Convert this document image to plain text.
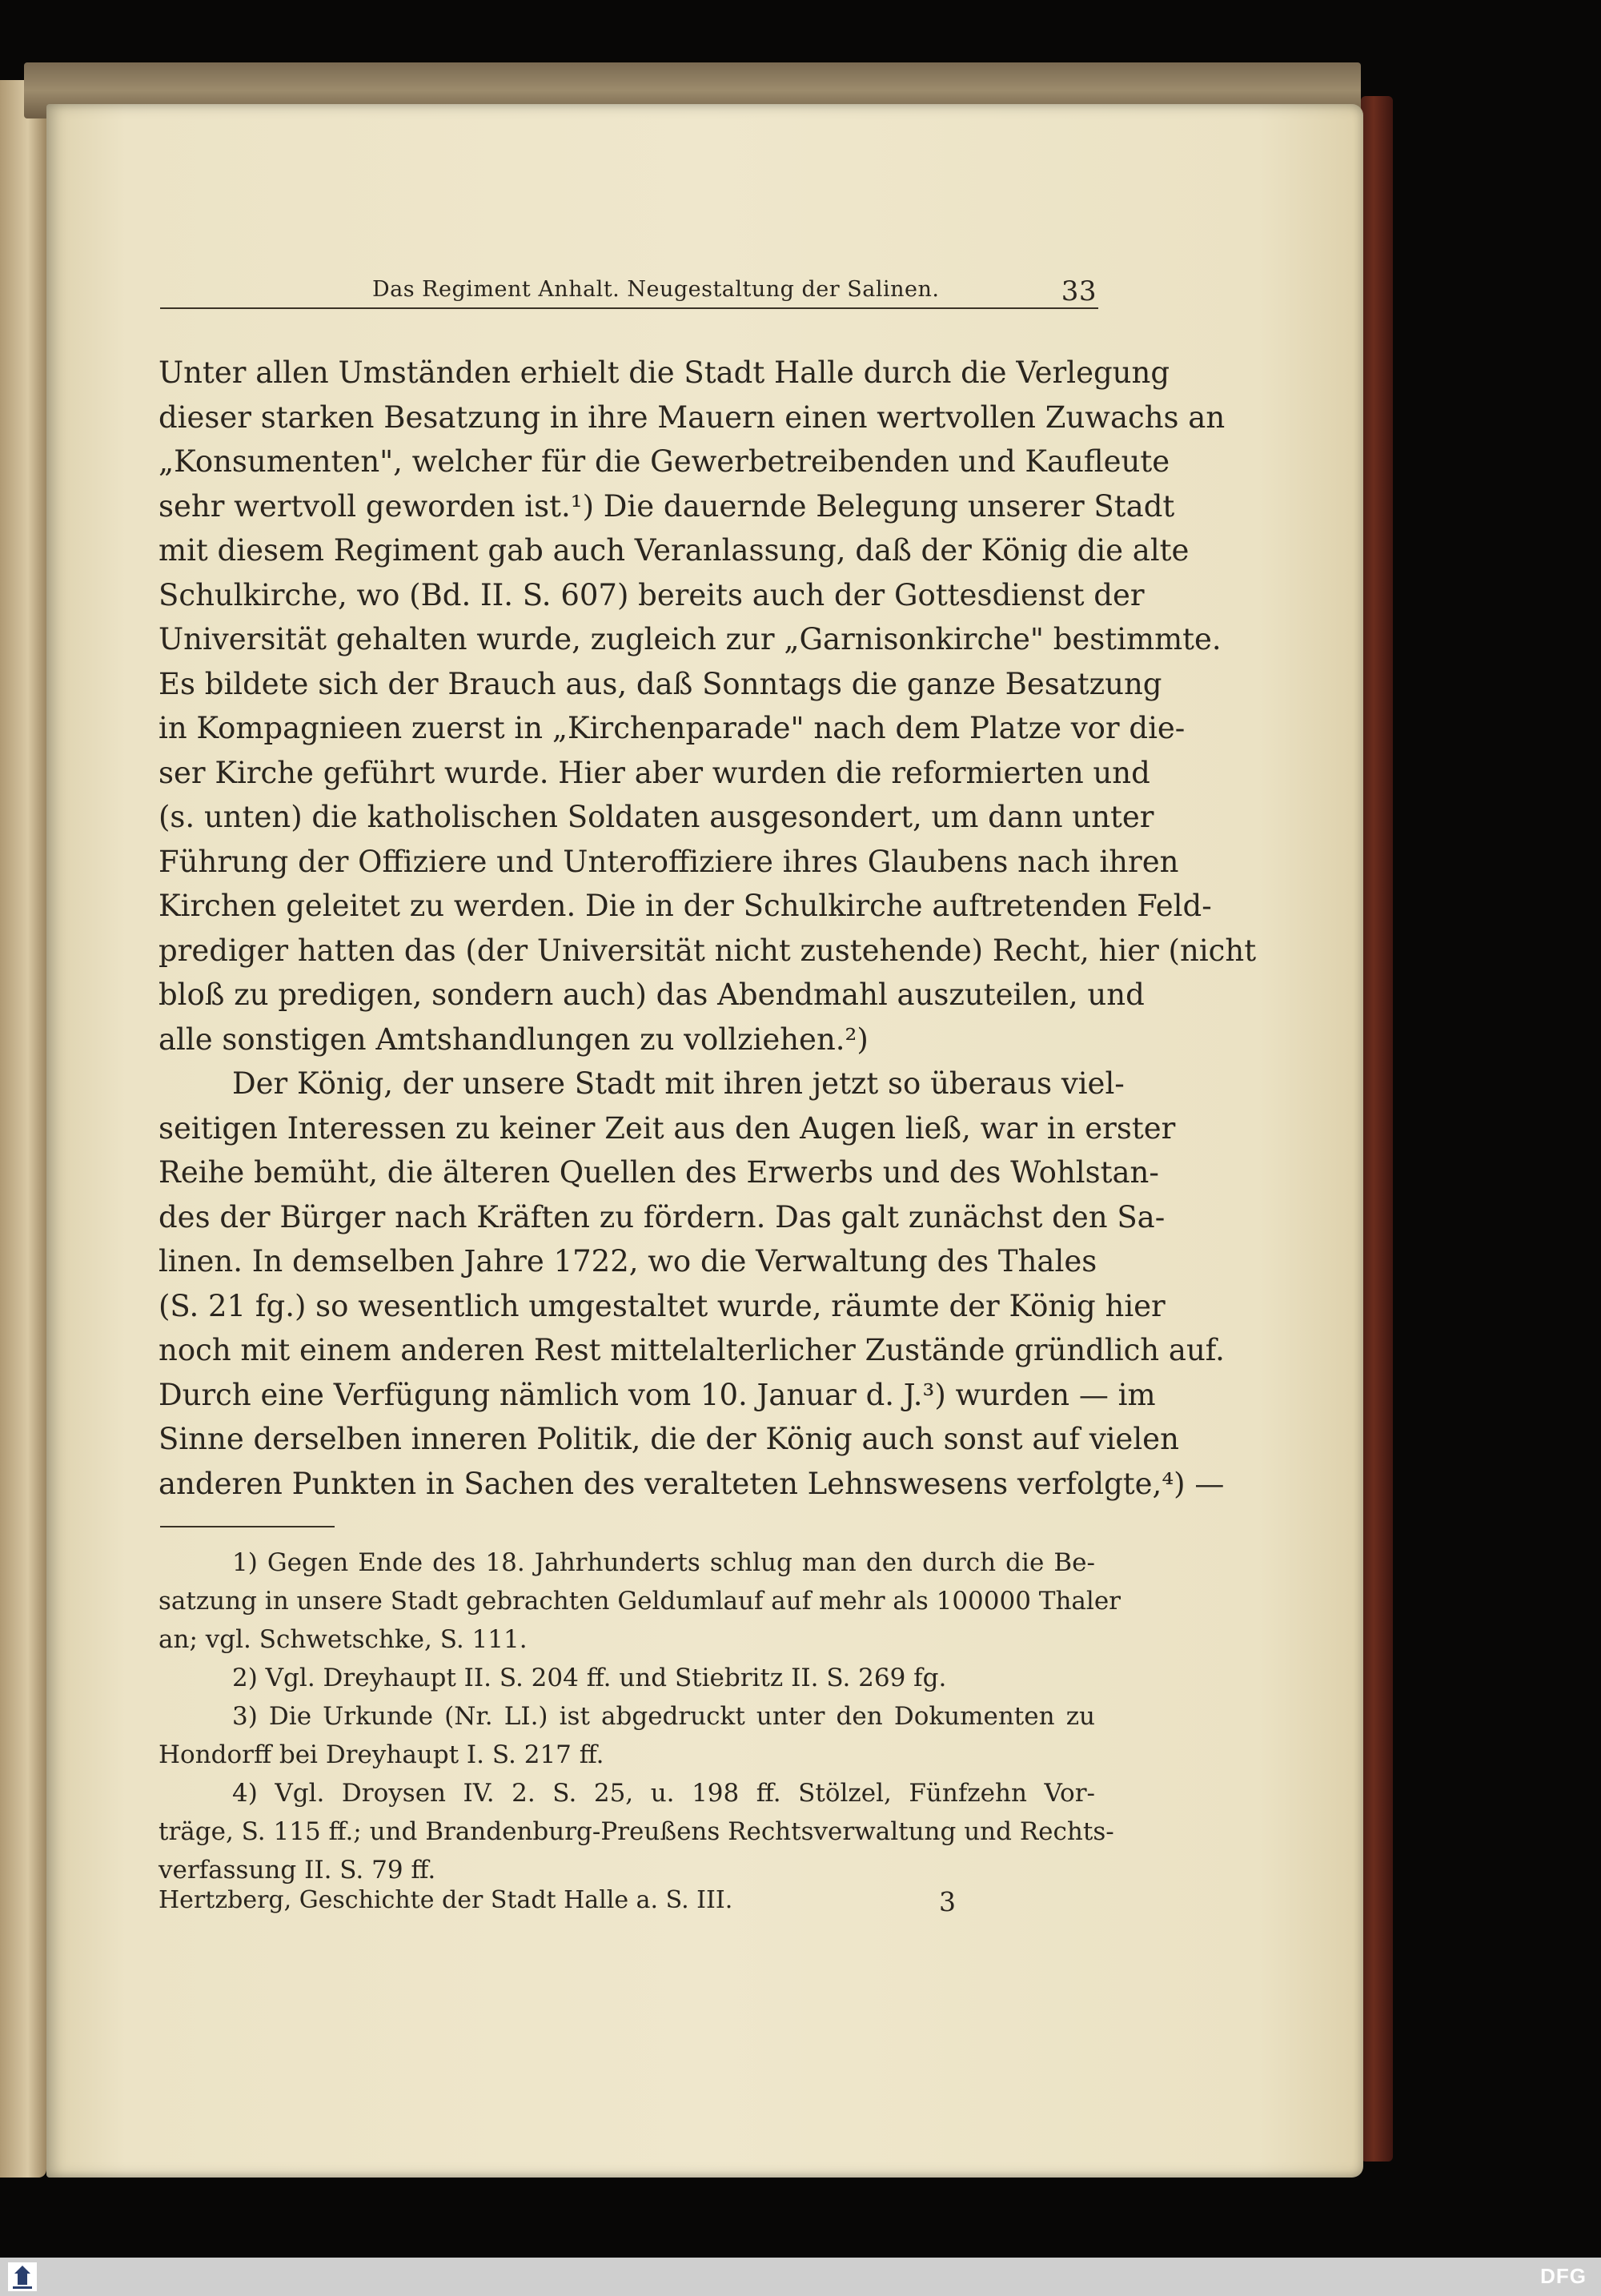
Das Regiment Anhalt. Neugestaltung der Salinen.	33

Unter allen Umständen erhielt die Stadt Halle durch die Verlegung
dieser starken Besatzung in ihre Mauern einen wertvollen Zuwachs an
„Konsumenten", welcher für die Gewerbetreibenden und Kaufleute
sehr wertvoll geworden ist.¹) Die dauernde Belegung unserer Stadt
mit diesem Regiment gab auch Veranlassung, daß der König die alte
Schulkirche, wo (Bd. II. S. 607) bereits auch der Gottesdienst der
Universität gehalten wurde, zugleich zur „Garnisonkirche" bestimmte.
Es bildete sich der Brauch aus, daß Sonntags die ganze Besatzung
in Kompagnieen zuerst in „Kirchenparade" nach dem Platze vor die-
ser Kirche geführt wurde. Hier aber wurden die reformierten und
(s. unten) die katholischen Soldaten ausgesondert, um dann unter
Führung der Offiziere und Unteroffiziere ihres Glaubens nach ihren
Kirchen geleitet zu werden. Die in der Schulkirche auftretenden Feld-
prediger hatten das (der Universität nicht zustehende) Recht, hier (nicht
bloß zu predigen, sondern auch) das Abendmahl auszuteilen, und
alle sonstigen Amtshandlungen zu vollziehen.²)

Der König, der unsere Stadt mit ihren jetzt so überaus viel-
seitigen Interessen zu keiner Zeit aus den Augen ließ, war in erster
Reihe bemüht, die älteren Quellen des Erwerbs und des Wohlstan-
des der Bürger nach Kräften zu fördern. Das galt zunächst den Sa-
linen. In demselben Jahre 1722, wo die Verwaltung des Thales
(S. 21 fg.) so wesentlich umgestaltet wurde, räumte der König hier
noch mit einem anderen Rest mittelalterlicher Zustände gründlich auf.
Durch eine Verfügung nämlich vom 10. Januar d. J.³) wurden — im
Sinne derselben inneren Politik, die der König auch sonst auf vielen
anderen Punkten in Sachen des veralteten Lehnswesens verfolgte,⁴) —

1) Gegen Ende des 18. Jahrhunderts schlug man den durch die Be-
satzung in unsere Stadt gebrachten Geldumlauf auf mehr als 100000 Thaler
an; vgl. Schwetschke, S. 111.
2) Vgl. Dreyhaupt II. S. 204 ff. und Stiebritz II. S. 269 fg.
3) Die Urkunde (Nr. LI.) ist abgedruckt unter den Dokumenten zu
Hondorff bei Dreyhaupt I. S. 217 ff.
4) Vgl. Droysen IV. 2. S. 25, u. 198 ff. Stölzel, Fünfzehn Vor-
träge, S. 115 ff.; und Brandenburg-Preußens Rechtsverwaltung und Rechts-
verfassung II. S. 79 ff.
Hertzberg, Geschichte der Stadt Halle a. S. III.	3
DFG
